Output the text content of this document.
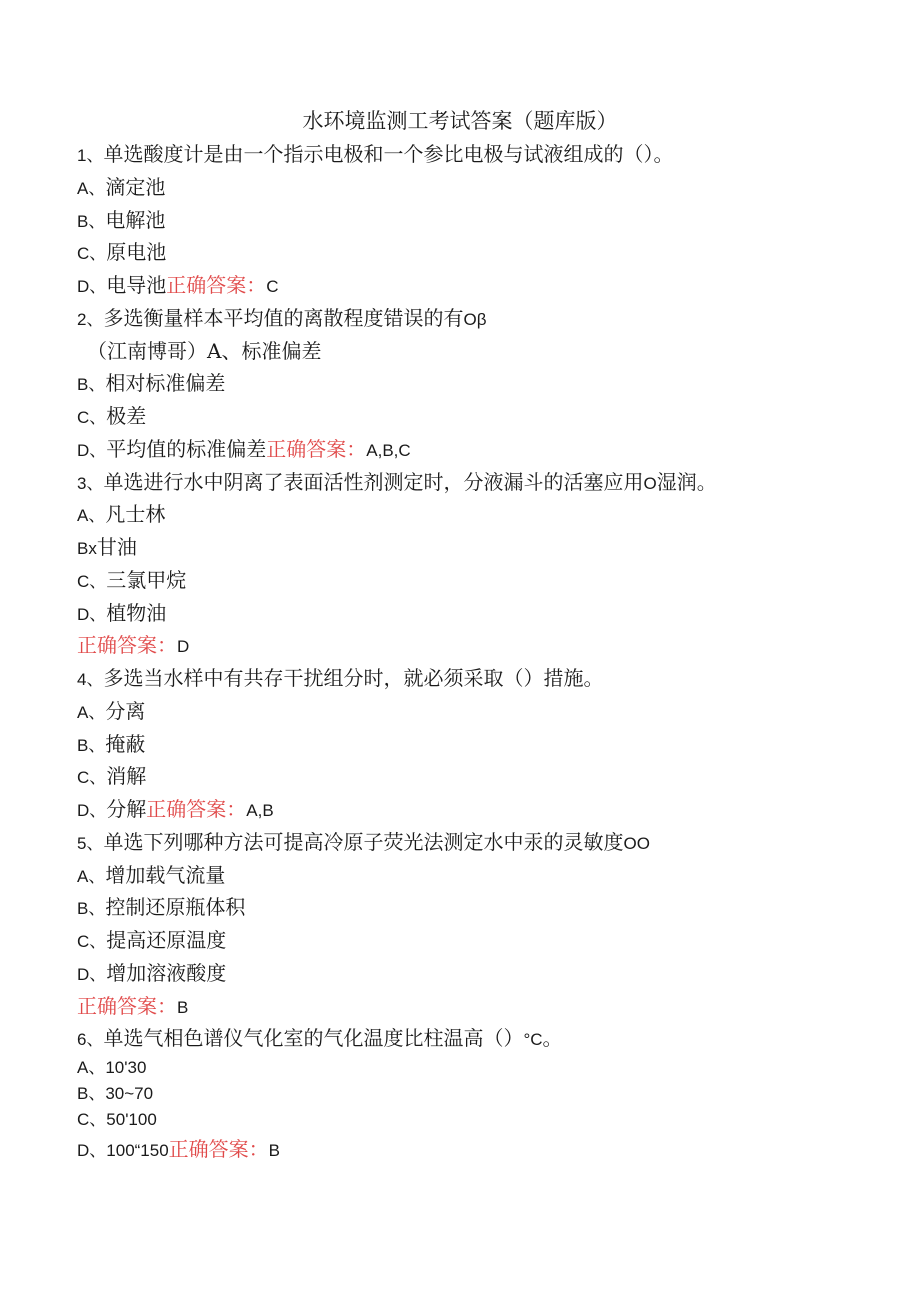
水环境监测工考试答案（题库版）
1、单选酸度计是由一个指示电极和一个参比电极与试液组成的（）。
A、滴定池
B、电解池
C、原电池
D、电导池正确答案：C
2、多选衡量样本平均值的离散程度错误的有Oβ
（江南博哥）A、标准偏差
B、相对标准偏差
C、极差
D、平均值的标准偏差正确答案：A,B,C
3、单选进行水中阴离了表面活性剂测定时，分液漏斗的活塞应用O湿润。
A、凡士林
Bx甘油
C、三氯甲烷
D、植物油
正确答案：D
4、多选当水样中有共存干扰组分时，就必须采取（）措施。
A、分离
B、掩蔽
C、消解
D、分解正确答案：A,B
5、单选下列哪种方法可提高冷原子荧光法测定水中汞的灵敏度OO
A、增加载气流量
B、控制还原瓶体积
C、提高还原温度
D、增加溶液酸度
正确答案：B
6、单选气相色谱仪气化室的气化温度比柱温高（）°C。
A、10'30
B、30~70
C、50'100
D、100“150正确答案：B
